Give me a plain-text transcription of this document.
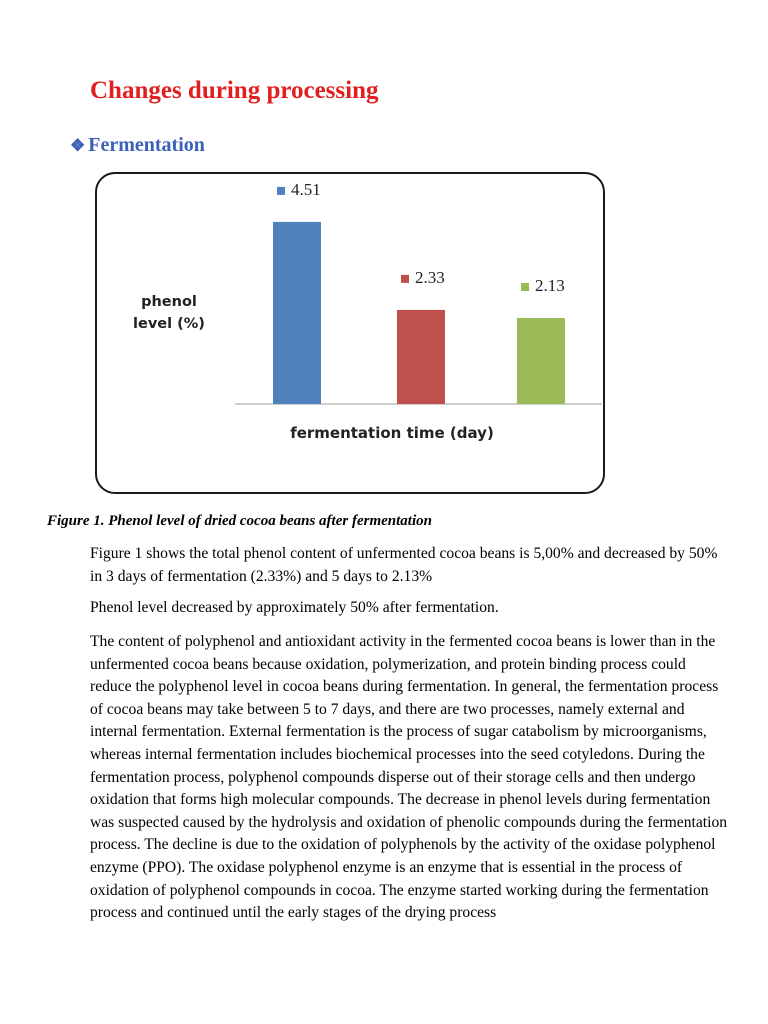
Changes during processing
❖ Fermentation
phenol
level (%)
4.51
2.33	2.13
fermentation time (day)
Figure 1. Phenol level of dried cocoa beans after fermentation

Figure 1 shows the total phenol content of unfermented cocoa beans is 5,00% and decreased by 50% in 3 days of fermentation (2.33%) and 5 days to 2.13%

Phenol level decreased by approximately 50% after fermentation.

The content of polyphenol and antioxidant activity in the fermented cocoa beans is lower than in the unfermented cocoa beans because oxidation, polymerization, and protein binding process could reduce the polyphenol level in cocoa beans during fermentation. In general, the fermentation process of cocoa beans may take between 5 to 7 days, and there are two processes, namely external and internal fermentation. External fermentation is the process of sugar catabolism by microorganisms, whereas internal fermentation includes biochemical processes into the seed cotyledons. During the fermentation process, polyphenol compounds disperse out of their storage cells and then undergo oxidation that forms high molecular compounds. The decrease in phenol levels during fermentation was suspected caused by the hydrolysis and oxidation of phenolic compounds during the fermentation process. The decline is due to the oxidation of polyphenols by the activity of the oxidase polyphenol enzyme (PPO). The oxidase polyphenol enzyme is an enzyme that is essential in the process of oxidation of polyphenol compounds in cocoa. The enzyme started working during the fermentation process and continued until the early stages of the drying process
